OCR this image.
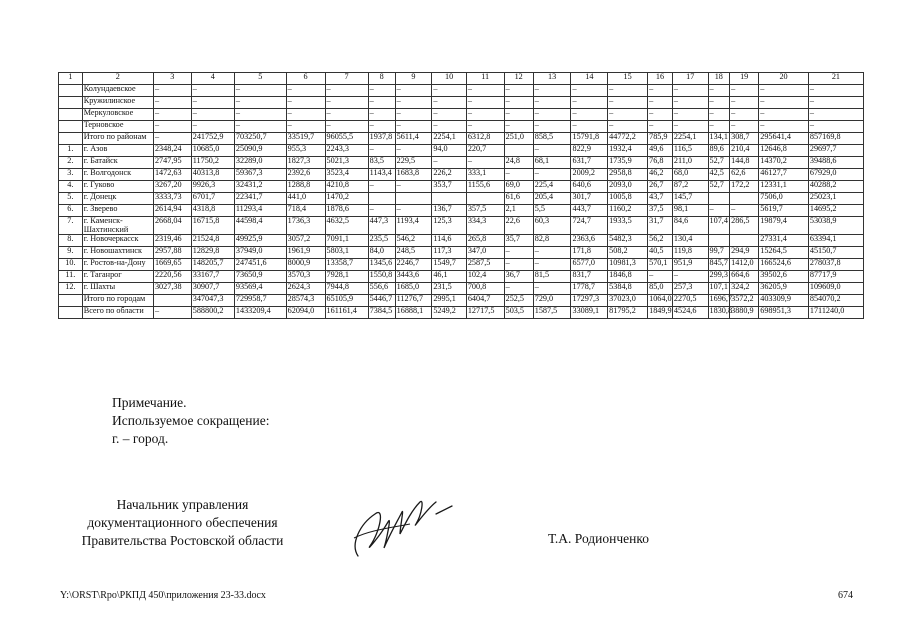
1	2	3	4	5	6	7	8	9	10	11	12	13	14	15	16	17	18	19	20	21
	Колундаевское	–	–	–	–	–	–	–	–	–	–	–	–	–	–	–	–	–	–	–
	Кружилинское	–	–	–	–	–	–	–	–	–	–	–	–	–	–	–	–	–	–	–
	Меркуловское	–	–	–	–	–	–	–	–	–	–	–	–	–	–	–	–	–	–	–
	Терновское	–	–	–	–	–	–	–	–	–	–	–	–	–	–	–	–	–	–	–
	Итого по районам	–	241752,9	703250,7	33519,7	96055,5	1937,8	5611,4	2254,1	6312,8	251,0	858,5	15791,8	44772,2	785,9	2254,1	134,1	308,7	295641,4	857169,8
1.	г. Азов	2348,24	10685,0	25090,9	955,3	2243,3	–	–	94,0	220,7		–	822,9	1932,4	49,6	116,5	89,6	210,4	12646,8	29697,7
2.	г. Батайск	2747,95	11750,2	32289,0	1827,3	5021,3	83,5	229,5	–	–	24,8	68,1	631,7	1735,9	76,8	211,0	52,7	144,8	14370,2	39488,6
3.	г. Волгодонск	1472,63	40313,8	59367,3	2392,6	3523,4	1143,4	1683,8	226,2	333,1	–	–	2009,2	2958,8	46,2	68,0	42,5	62,6	46127,7	67929,0
4.	г. Гуково	3267,20	9926,3	32431,2	1288,8	4210,8	–	–	353,7	1155,6	69,0	225,4	640,6	2093,0	26,7	87,2	52,7	172,2	12331,1	40288,2
5.	г. Донецк	3333,73	6701,7	22341,7	441,0	1470,2					61,6	205,4	301,7	1005,8	43,7	145,7			7506,0	25023,1
6.	г. Зверево	2614,94	4318,8	11293,4	718,4	1878,6	–	–	136,7	357,5	2,1	5,5	443,7	1160,2	37,5	98,1	–	–	5619,7	14695,2
7.	г. Каменск-Шахтинский	2668,04	16715,8	44598,4	1736,3	4632,5	447,3	1193,4	125,3	334,3	22,6	60,3	724,7	1933,5	31,7	84,6	107,4	286,5	19879,4	53038,9
8.	г. Новочеркасск	2319,46	21524,8	49925,9	3057,2	7091,1	235,5	546,2	114,6	265,8	35,7	82,8	2363,6	5482,3	56,2	130,4			27331,4	63394,1
9.	г. Новошахтинск	2957,88	12829,8	37949,0	1961,9	5803,1	84,0	248,5	117,3	347,0	–	–	171,8	508,2	40,5	119,8	99,7	294,9	15264,5	45150,7
10.	г. Ростов-на-Дону	1669,65	148205,7	247451,6	8000,9	13358,7	1345,6	2246,7	1549,7	2587,5	–	–	6577,0	10981,3	570,1	951,9	845,7	1412,0	166524,6	278037,8
11.	г. Таганрог	2220,56	33167,7	73650,9	3570,3	7928,1	1550,8	3443,6	46,1	102,4	36,7	81,5	831,7	1846,8	–	–	299,3	664,6	39502,6	87717,9
12.	г. Шахты	3027,38	30907,7	93569,4	2624,3	7944,8	556,6	1685,0	231,5	700,8	–	–	1778,7	5384,8	85,0	257,3	107,1	324,2	36205,9	109609,0
	Итого по городам		347047,3	729958,7	28574,3	65105,9	5446,7	11276,7	2995,1	6404,7	252,5	729,0	17297,3	37023,0	1064,0	2270,5	1696,7	3572,2	403309,9	854070,2
	Всего по области	–	588800,2	1433209,4	62094,0	161161,4	7384,5	16888,1	5249,2	12717,5	503,5	1587,5	33089,1	81795,2	1849,9	4524,6	1830,8	3880,9	698951,3	1711240,0
Примечание.
Используемое сокращение:
г. – город.
Начальник управления
документационного обеспечения
Правительства Ростовской области	Т.А. Родионченко
Y:\ORST\Rpo\РКПД 450\приложения 23-33.docx	674
